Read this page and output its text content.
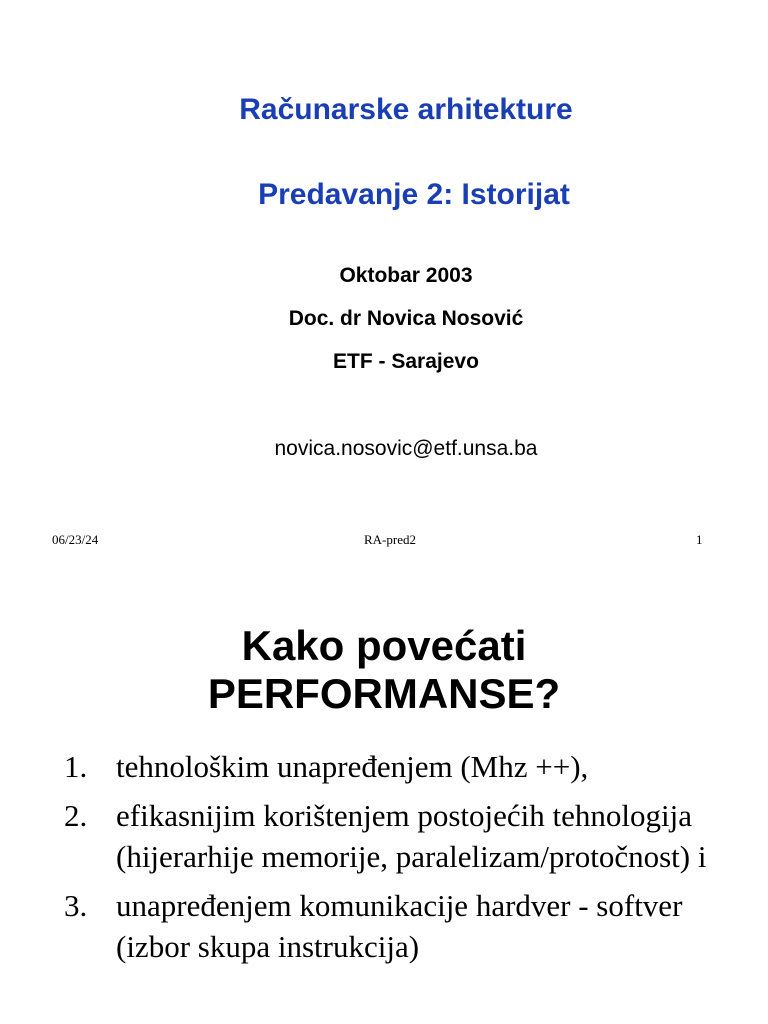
Računarske arhitekture
Predavanje 2: Istorijat

Oktobar 2003

Doc. dr Novica Nosović

ETF - Sarajevo

novica.nosovic@etf.unsa.ba

06/23/24	RA-pred2	1
Kako povećati
PERFORMANSE?
1. tehnološkim unapređenjem (Mhz ++),
2. efikasnijim korištenjem postojećih tehnologija (hijerarhije memorije, paralelizam/protočnost) i
3. unapređenjem komunikacije hardver - softver (izbor skupa instrukcija)
